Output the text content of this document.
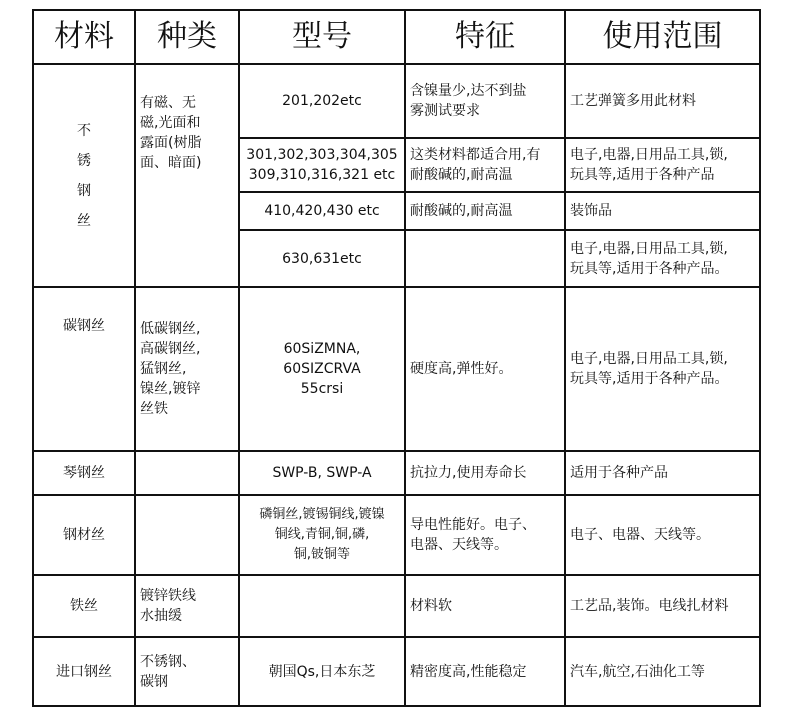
材料	种类	型号	特征	使用范围
不
锈
钢
丝	有磁、无
磁,光面和
露面(树脂
面、暗面)	201,202etc	含镍量少,达不到盐
雾测试要求	工艺弹簧多用此材料
		301,302,303,304,305
309,310,316,321 etc	这类材料都适合用,有
耐酸碱的,耐高温	电子,电器,日用品工具,锁,
玩具等,适用于各种产品
		410,420,430 etc	耐酸碱的,耐高温	装饰品
		630,631etc		电子,电器,日用品工具,锁,
玩具等,适用于各种产品。
碳钢丝	低碳钢丝,
高碳钢丝,
猛钢丝,
镍丝,镀锌
丝铁	60SiZMNA, 60SIZCRVA
55crsi	硬度高,弹性好。	电子,电器,日用品工具,锁,
玩具等,适用于各种产品。
琴钢丝		SWP-B, SWP-A	抗拉力,使用寿命长	适用于各种产品
钢材丝		磷铜丝,镀锡铜线,镀镍
铜线,青铜,铜,磷,
铜,铍铜等	导电性能好。电子、
电器、天线等。	电子、电器、天线等。
铁丝	镀锌铁线
水抽缓		材料软	工艺品,装饰。电线扎材料
进口钢丝	不锈钢、
碳钢	朝国Qs,日本东芝	精密度高,性能稳定	汽车,航空,石油化工等
